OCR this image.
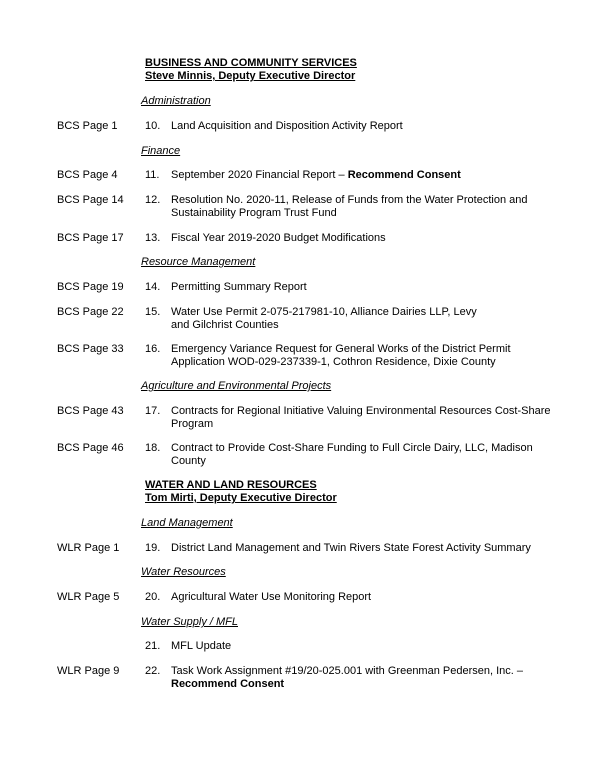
BUSINESS AND COMMUNITY SERVICES
Steve Minnis, Deputy Executive Director
Administration
BCS Page 1 10. Land Acquisition and Disposition Activity Report
Finance
BCS Page 4 11. September 2020 Financial Report – Recommend Consent
BCS Page 14 12. Resolution No. 2020-11, Release of Funds from the Water Protection and
Sustainability Program Trust Fund
BCS Page 17 13. Fiscal Year 2019-2020 Budget Modifications
Resource Management
BCS Page 19 14. Permitting Summary Report
BCS Page 22 15. Water Use Permit 2-075-217981-10, Alliance Dairies LLP, Levy
and Gilchrist Counties
BCS Page 33 16. Emergency Variance Request for General Works of the District Permit
Application WOD-029-237339-1, Cothron Residence, Dixie County
Agriculture and Environmental Projects
BCS Page 43 17. Contracts for Regional Initiative Valuing Environmental Resources Cost-Share
Program
BCS Page 46 18. Contract to Provide Cost-Share Funding to Full Circle Dairy, LLC, Madison
County
WATER AND LAND RESOURCES
Tom Mirti, Deputy Executive Director
Land Management
WLR Page 1 19. District Land Management and Twin Rivers State Forest Activity Summary
Water Resources
WLR Page 5 20. Agricultural Water Use Monitoring Report
Water Supply / MFL
21. MFL Update
WLR Page 9 22. Task Work Assignment #19/20-025.001 with Greenman Pedersen, Inc. –
Recommend Consent
